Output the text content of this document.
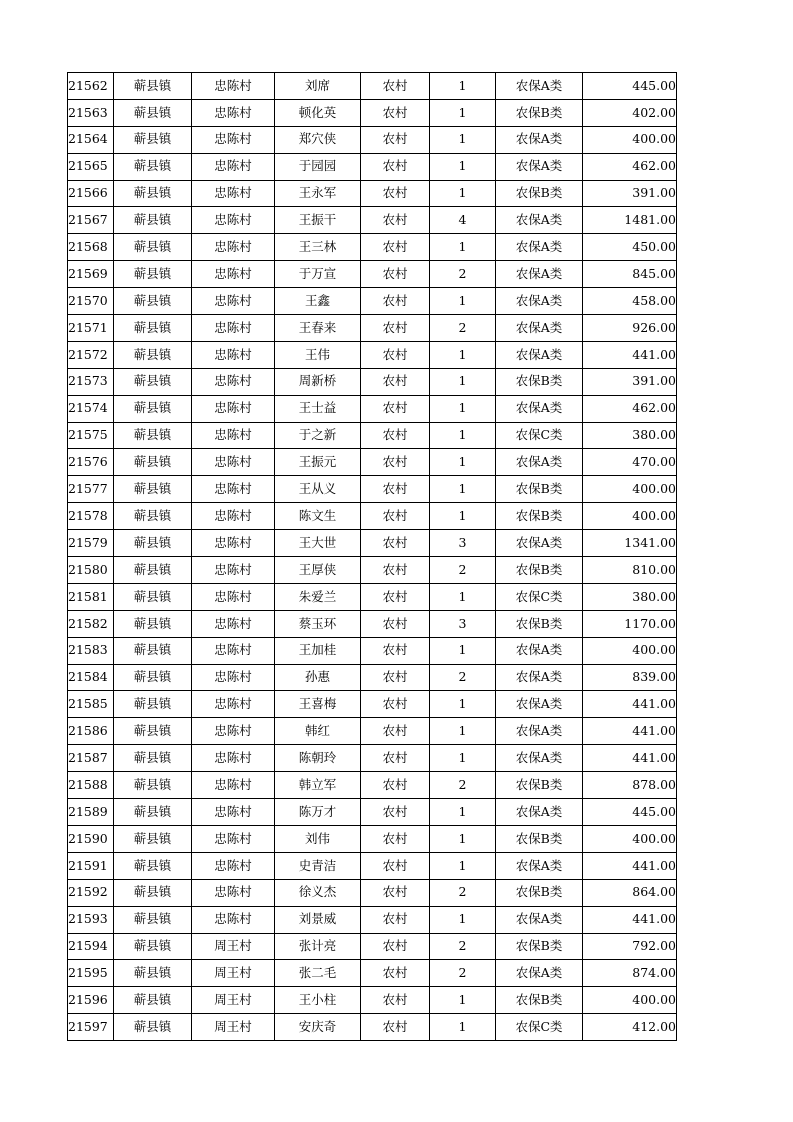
21562	蕲县镇	忠陈村	刘席	农村	1	农保A类	445.00
21563	蕲县镇	忠陈村	顿化英	农村	1	农保B类	402.00
21564	蕲县镇	忠陈村	郑穴侠	农村	1	农保A类	400.00
21565	蕲县镇	忠陈村	于园园	农村	1	农保A类	462.00
21566	蕲县镇	忠陈村	王永军	农村	1	农保B类	391.00
21567	蕲县镇	忠陈村	王振干	农村	4	农保A类	1481.00
21568	蕲县镇	忠陈村	王三林	农村	1	农保A类	450.00
21569	蕲县镇	忠陈村	于万宣	农村	2	农保A类	845.00
21570	蕲县镇	忠陈村	王鑫	农村	1	农保A类	458.00
21571	蕲县镇	忠陈村	王春来	农村	2	农保A类	926.00
21572	蕲县镇	忠陈村	王伟	农村	1	农保A类	441.00
21573	蕲县镇	忠陈村	周新桥	农村	1	农保B类	391.00
21574	蕲县镇	忠陈村	王士益	农村	1	农保A类	462.00
21575	蕲县镇	忠陈村	于之新	农村	1	农保C类	380.00
21576	蕲县镇	忠陈村	王振元	农村	1	农保A类	470.00
21577	蕲县镇	忠陈村	王从义	农村	1	农保B类	400.00
21578	蕲县镇	忠陈村	陈文生	农村	1	农保B类	400.00
21579	蕲县镇	忠陈村	王大世	农村	3	农保A类	1341.00
21580	蕲县镇	忠陈村	王厚侠	农村	2	农保B类	810.00
21581	蕲县镇	忠陈村	朱爱兰	农村	1	农保C类	380.00
21582	蕲县镇	忠陈村	蔡玉环	农村	3	农保B类	1170.00
21583	蕲县镇	忠陈村	王加桂	农村	1	农保A类	400.00
21584	蕲县镇	忠陈村	孙惠	农村	2	农保A类	839.00
21585	蕲县镇	忠陈村	王喜梅	农村	1	农保A类	441.00
21586	蕲县镇	忠陈村	韩红	农村	1	农保A类	441.00
21587	蕲县镇	忠陈村	陈朝玲	农村	1	农保A类	441.00
21588	蕲县镇	忠陈村	韩立军	农村	2	农保B类	878.00
21589	蕲县镇	忠陈村	陈万才	农村	1	农保A类	445.00
21590	蕲县镇	忠陈村	刘伟	农村	1	农保B类	400.00
21591	蕲县镇	忠陈村	史青洁	农村	1	农保A类	441.00
21592	蕲县镇	忠陈村	徐义杰	农村	2	农保B类	864.00
21593	蕲县镇	忠陈村	刘景威	农村	1	农保A类	441.00
21594	蕲县镇	周王村	张计亮	农村	2	农保B类	792.00
21595	蕲县镇	周王村	张二毛	农村	2	农保A类	874.00
21596	蕲县镇	周王村	王小柱	农村	1	农保B类	400.00
21597	蕲县镇	周王村	安庆奇	农村	1	农保C类	412.00
